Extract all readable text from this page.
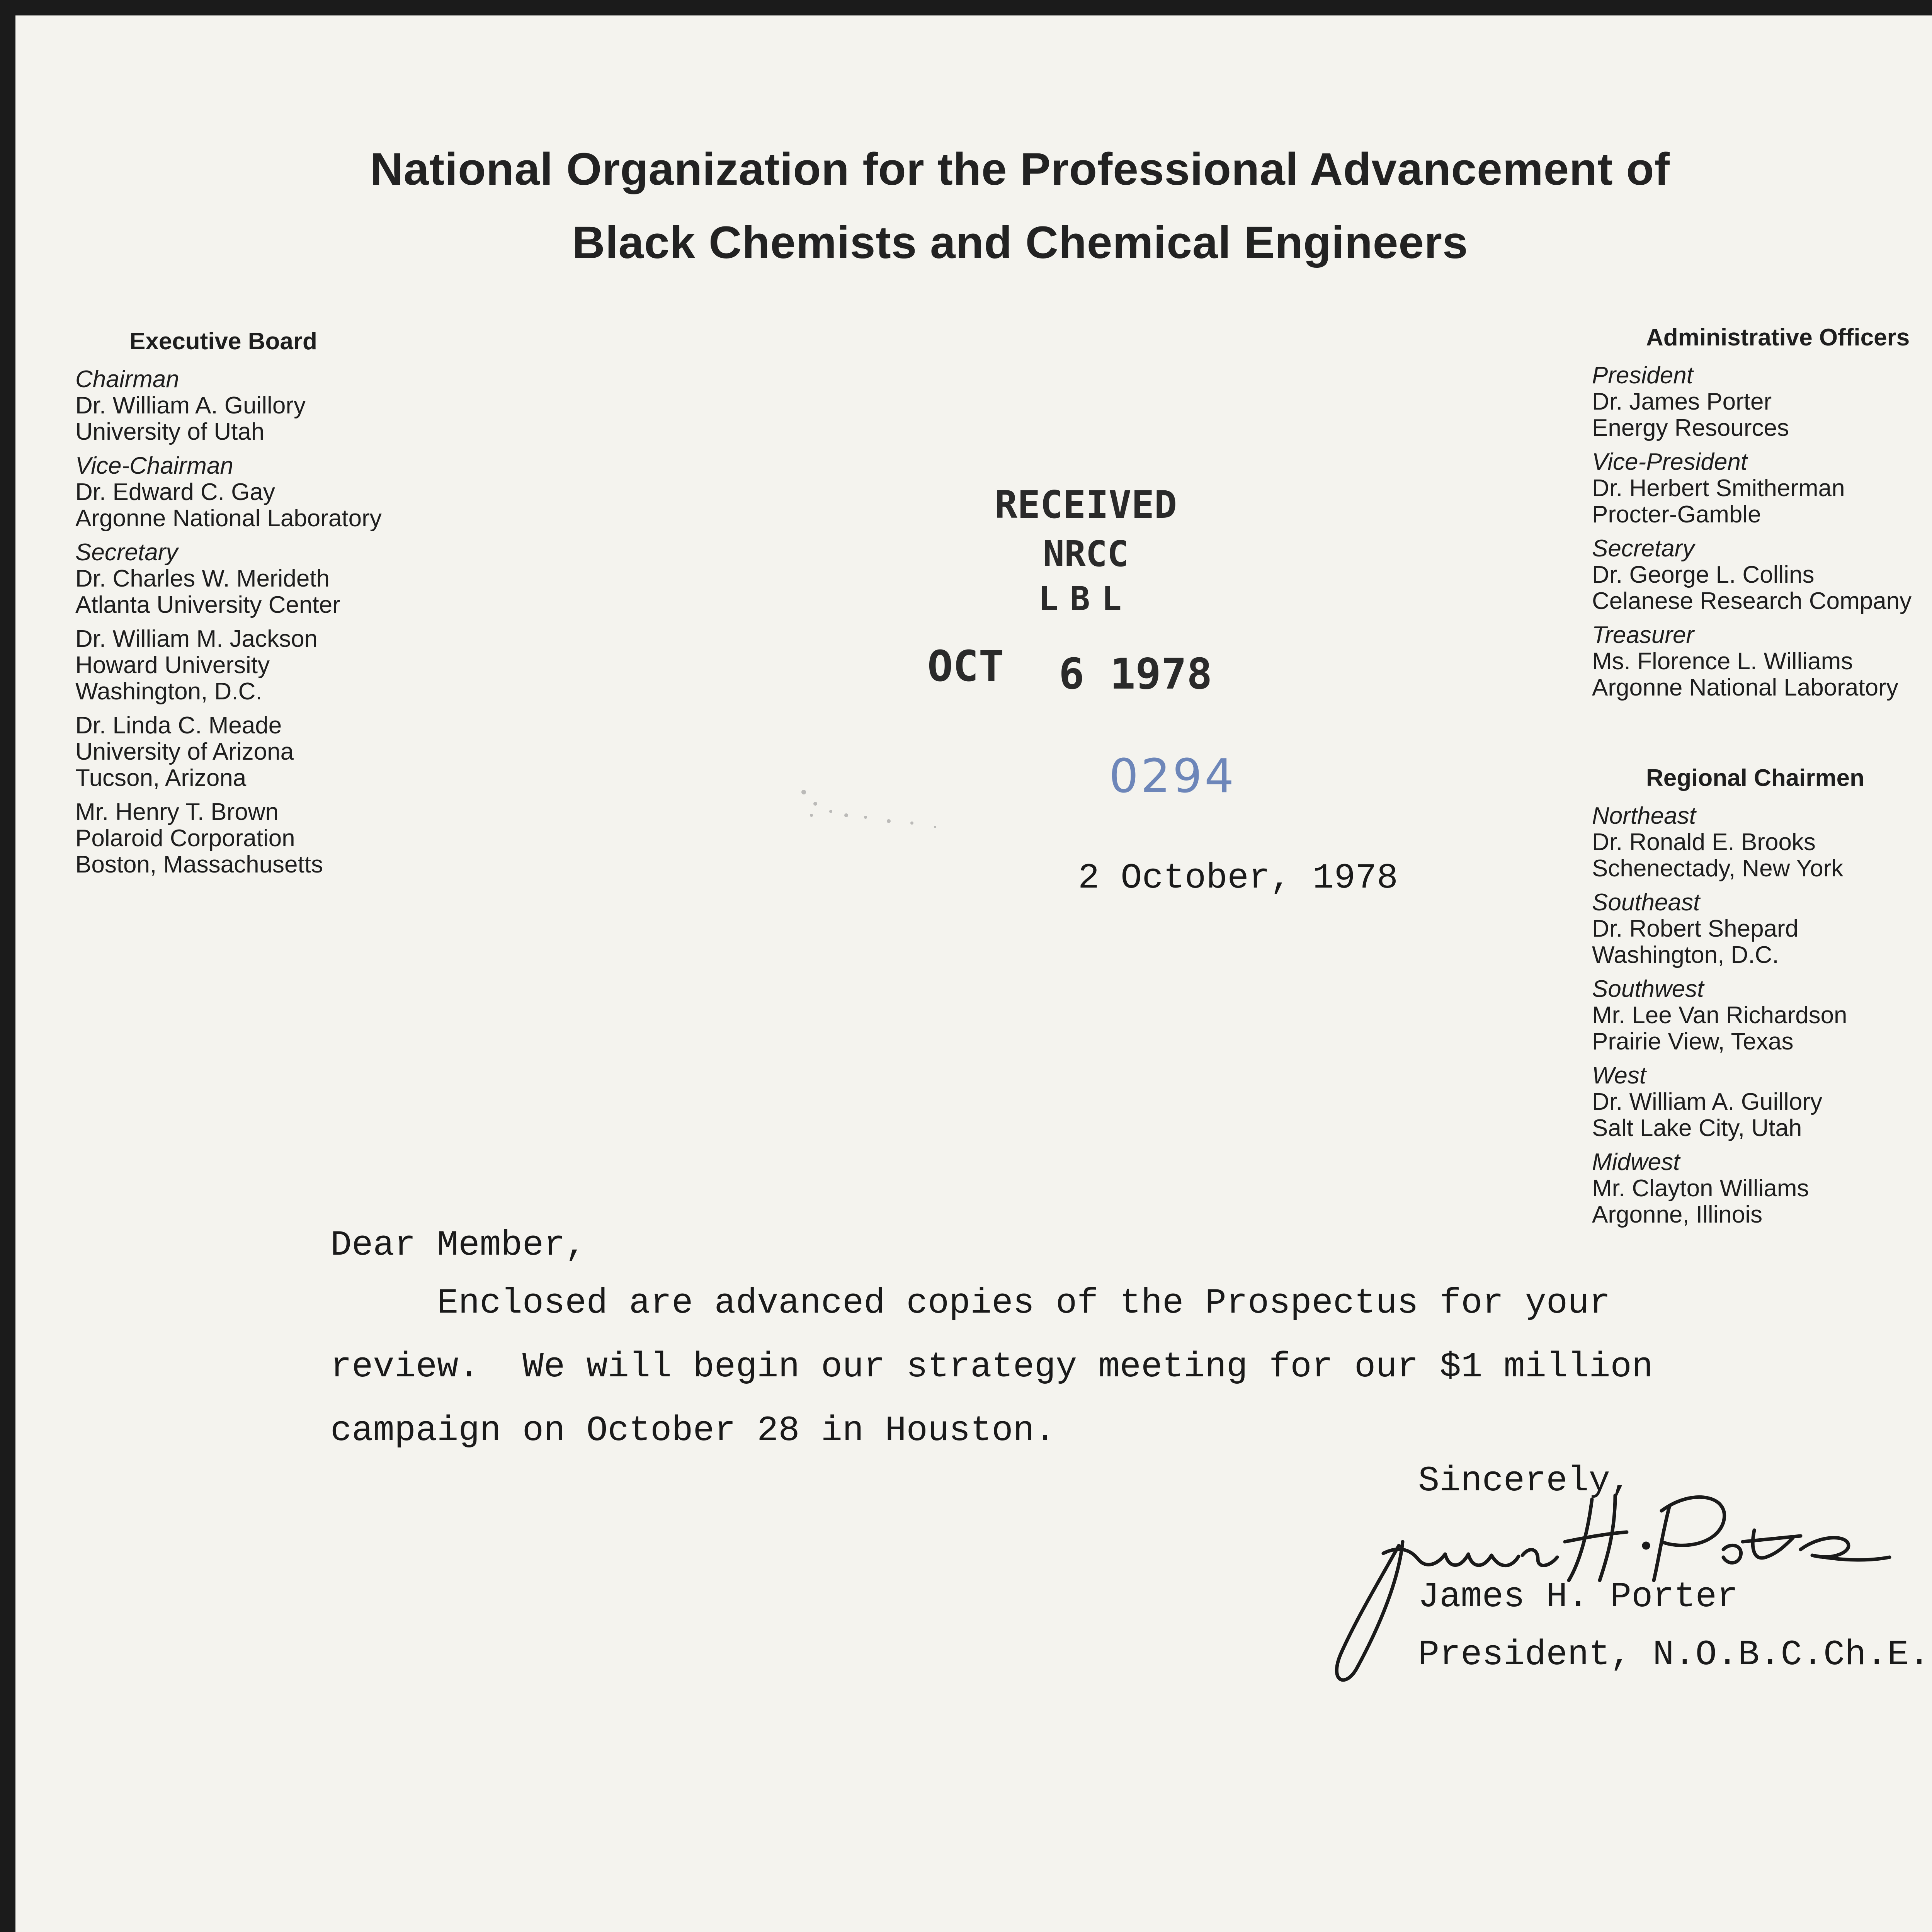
National Organization for the Professional Advancement of
Black Chemists and Chemical Engineers
Executive Board
Chairman
Dr. William A. Guillory
University of Utah
Vice-Chairman
Dr. Edward C. Gay
Argonne National Laboratory
Secretary
Dr. Charles W. Merideth
Atlanta University Center
Dr. William M. Jackson
Howard University
Washington, D.C.
Dr. Linda C. Meade
University of Arizona
Tucson, Arizona
Mr. Henry T. Brown
Polaroid Corporation
Boston, Massachusetts
Administrative Officers
President
Dr. James Porter
Energy Resources
Vice-President
Dr. Herbert Smitherman
Procter-Gamble
Secretary
Dr. George L. Collins
Celanese Research Company
Treasurer
Ms. Florence L. Williams
Argonne National Laboratory
Regional Chairmen
Northeast
Dr. Ronald E. Brooks
Schenectady, New York
Southeast
Dr. Robert Shepard
Washington, D.C.
Southwest
Mr. Lee Van Richardson
Prairie View, Texas
West
Dr. William A. Guillory
Salt Lake City, Utah
Midwest
Mr. Clayton Williams
Argonne, Illinois
RECEIVED
NRCC
LBL
OCT	6 1978
0294
2 October, 1978
Dear Member,
Sincerely,
James H. Porter
President, N.O.B.C.Ch.E.
Enclosed are advanced copies of the Prospectus for your
review.  We will begin our strategy meeting for our $1 million
campaign on October 28 in Houston.
